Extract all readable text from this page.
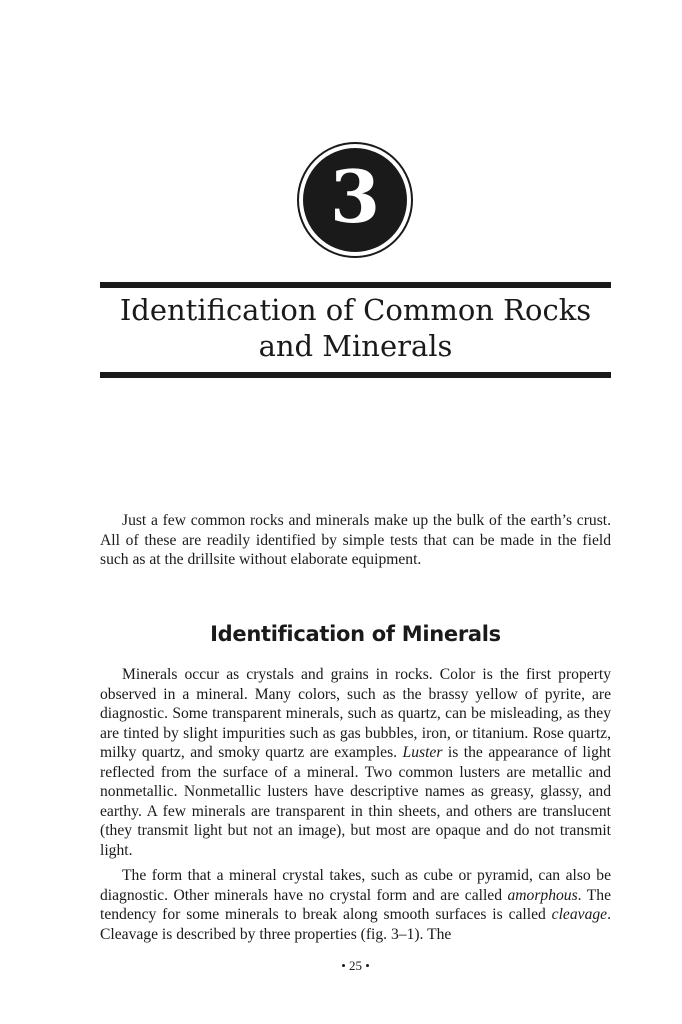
3
Identification of Common Rocks
and Minerals

Just a few common rocks and minerals make up the bulk of the earth’s crust. All of these are readily identified by simple tests that can be made in the field such as at the drillsite without elaborate equipment.

Identification of Minerals

Minerals occur as crystals and grains in rocks. Color is the first property observed in a mineral. Many colors, such as the brassy yellow of pyrite, are diagnostic. Some transparent minerals, such as quartz, can be misleading, as they are tinted by slight impurities such as gas bubbles, iron, or titanium. Rose quartz, milky quartz, and smoky quartz are examples. Luster is the appearance of light reflected from the surface of a mineral. Two common lusters are metallic and nonmetallic. Nonmetallic lusters have descriptive names as greasy, glassy, and earthy. A few minerals are transparent in thin sheets, and others are translucent (they transmit light but not an image), but most are opaque and do not transmit light.

The form that a mineral crystal takes, such as cube or pyramid, can also be diagnostic. Other minerals have no crystal form and are called amorphous. The tendency for some minerals to break along smooth surfaces is called cleavage. Cleavage is described by three properties (fig. 3–1). The

• 25 •
